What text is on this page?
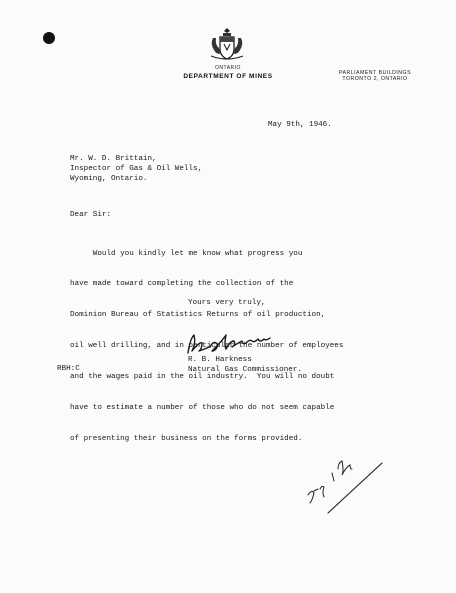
ONTARIO
DEPARTMENT OF MINES	PARLIAMENT BUILDINGS
TORONTO 2, ONTARIO
May 9th, 1946.
Mr. W. D. Brittain,
Inspector of Gas & Oil Wells,
Wyoming, Ontario.
Dear Sir:

Would you kindly let me know what progress you

have made toward completing the collection of the

Dominion Bureau of Statistics Returns of oil production,

oil well drilling, and in particular the number of employees

and the wages paid in the oil industry.  You will no doubt

have to estimate a number of those who do not seem capable

of presenting their business on the forms provided.

Yours very truly,
R. B. Harkness
Natural Gas Commissioner.
RBH:C
